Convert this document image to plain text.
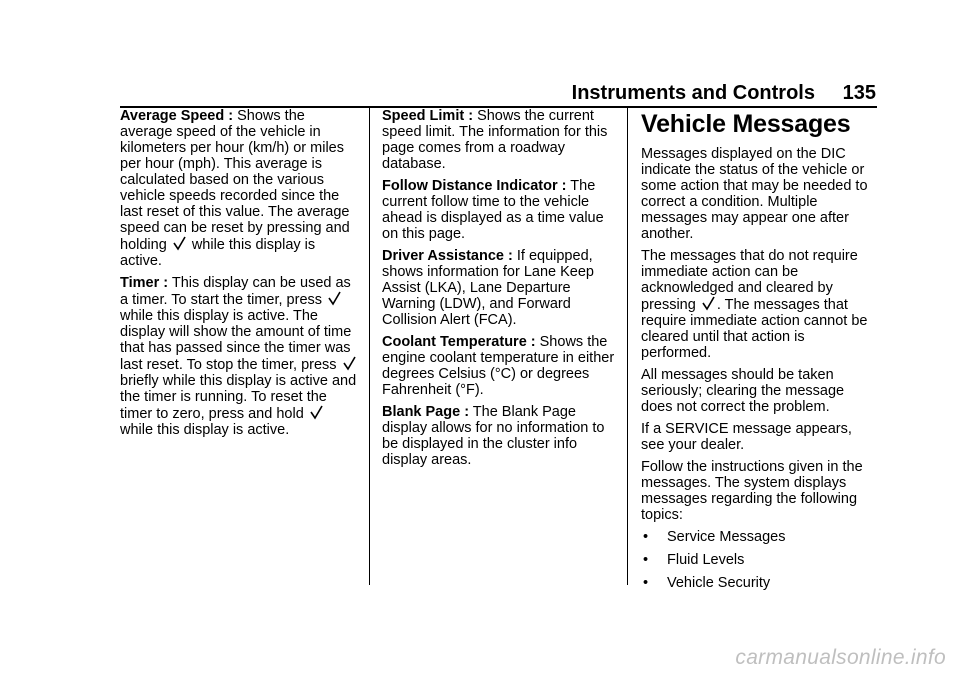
Instruments and Controls 135

Average Speed : Shows the average speed of the vehicle in kilometers per hour (km/h) or miles per hour (mph). This average is calculated based on the various vehicle speeds recorded since the last reset of this value. The average speed can be reset by pressing and holding while this display is active.

Timer : This display can be used as a timer. To start the timer, press
while this display is active. The display will show the amount of time that has passed since the timer was last reset. To stop the timer, press
briefly while this display is active and the timer is running. To reset the timer to zero, press and hold
while this display is active.

Speed Limit : Shows the current speed limit. The information for this page comes from a roadway database.

Follow Distance Indicator : The current follow time to the vehicle ahead is displayed as a time value on this page.

Driver Assistance : If equipped, shows information for Lane Keep Assist (LKA), Lane Departure Warning (LDW), and Forward Collision Alert (FCA).

Coolant Temperature : Shows the engine coolant temperature in either degrees Celsius (°C) or degrees Fahrenheit (°F).

Blank Page : The Blank Page display allows for no information to be displayed in the cluster info display areas.

Vehicle Messages

Messages displayed on the DIC indicate the status of the vehicle or some action that may be needed to correct a condition. Multiple messages may appear one after another.

The messages that do not require immediate action can be acknowledged and cleared by pressing . The messages that require immediate action cannot be cleared until that action is performed.

All messages should be taken seriously; clearing the message does not correct the problem.

If a SERVICE message appears, see your dealer.

Follow the instructions given in the messages. The system displays messages regarding the following topics:

• Service Messages
• Fluid Levels
• Vehicle Security
carmanualsonline.info
